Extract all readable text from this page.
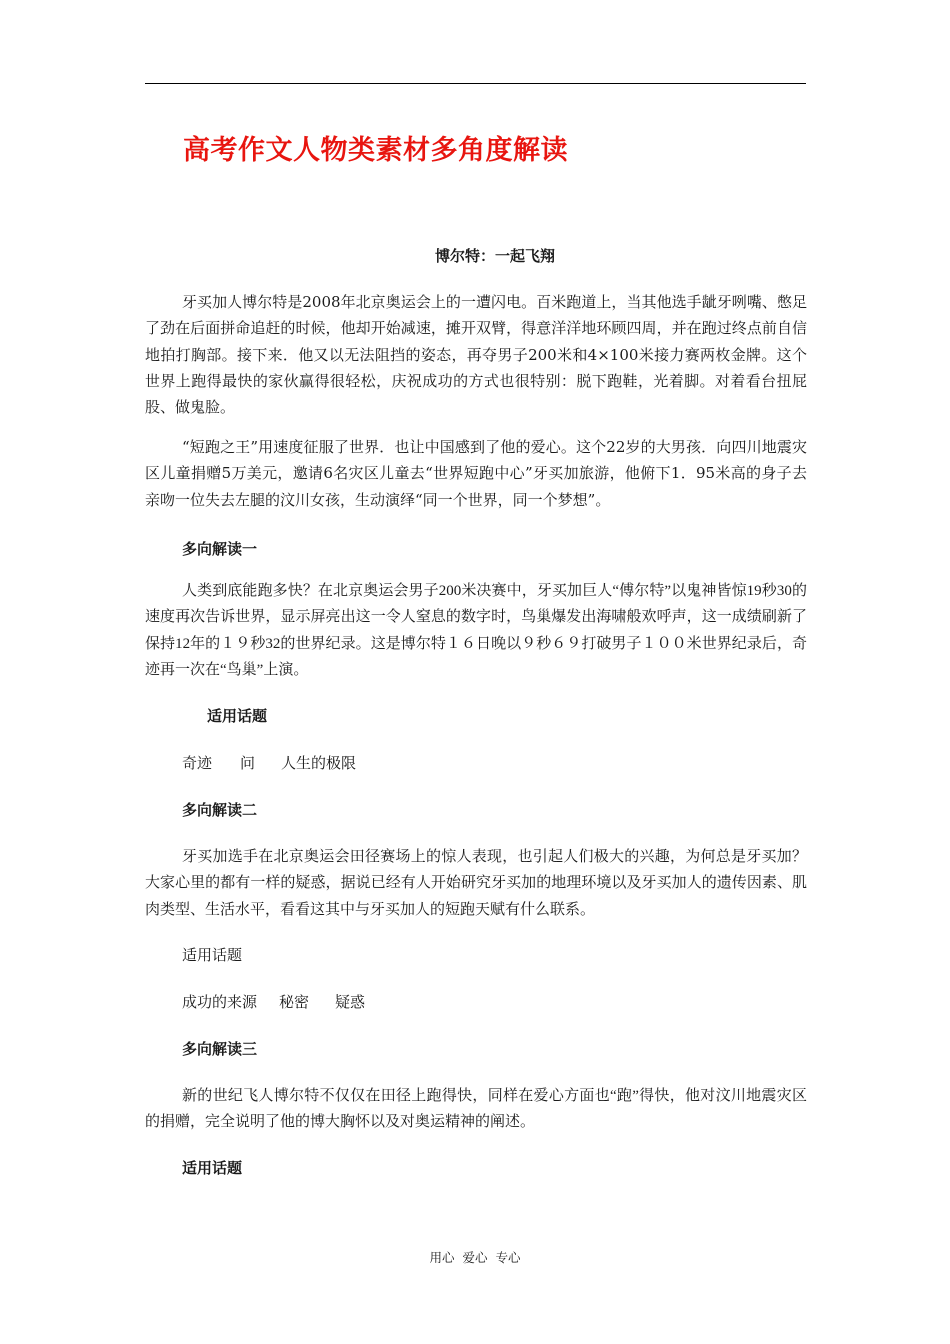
高考作文人物类素材多角度解读
博尔特：一起飞翔

牙买加人博尔特是2008年北京奥运会上的一遭闪电。百米跑道上，当其他选手龇牙咧嘴、憋足了劲在后面拼命追赶的时候，他却开始减速，摊开双臂，得意洋洋地环顾四周，并在跑过终点前自信地拍打胸部。接下来．他又以无法阻挡的姿态，再夺男子200米和4×100米接力赛两枚金牌。这个世界上跑得最快的家伙赢得很轻松，庆祝成功的方式也很特别：脱下跑鞋，光着脚。对着看台扭屁股、做鬼脸。

“短跑之王”用速度征服了世界．也让中国感到了他的爱心。这个22岁的大男孩．向四川地震灾区儿童捐赠5万美元，邀请6名灾区儿童去“世界短跑中心”牙买加旅游，他俯下1．95米高的身子去亲吻一位失去左腿的汶川女孩，生动演绎“同一个世界，同一个梦想”。

多向解读一

人类到底能跑多快？在北京奥运会男子200米决赛中，牙买加巨人“傅尔特”以鬼神皆惊19秒30的速度再次告诉世界，显示屏亮出这一令人窒息的数字时，鸟巢爆发出海啸般欢呼声，这一成绩刷新了保持12年的１９秒32的世界纪录。这是博尔特１６日晚以９秒６９打破男子１００米世界纪录后，奇迹再一次在“鸟巢”上演。

适用话题
奇迹 问 人生的极限
多向解读二

牙买加选手在北京奥运会田径赛场上的惊人表现，也引起人们极大的兴趣，为何总是牙买加？大家心里的都有一样的疑惑，据说已经有人开始研究牙买加的地理环境以及牙买加人的遗传因素、肌肉类型、生活水平，看看这其中与牙买加人的短跑天赋有什么联系。

适用话题
成功的来源 秘密 疑惑
多向解读三

新的世纪飞人博尔特不仅仅在田径上跑得快，同样在爱心方面也“跑”得快，他对汶川地震灾区的捐赠，完全说明了他的博大胸怀以及对奥运精神的阐述。

适用话题
用心  爱心  专心
